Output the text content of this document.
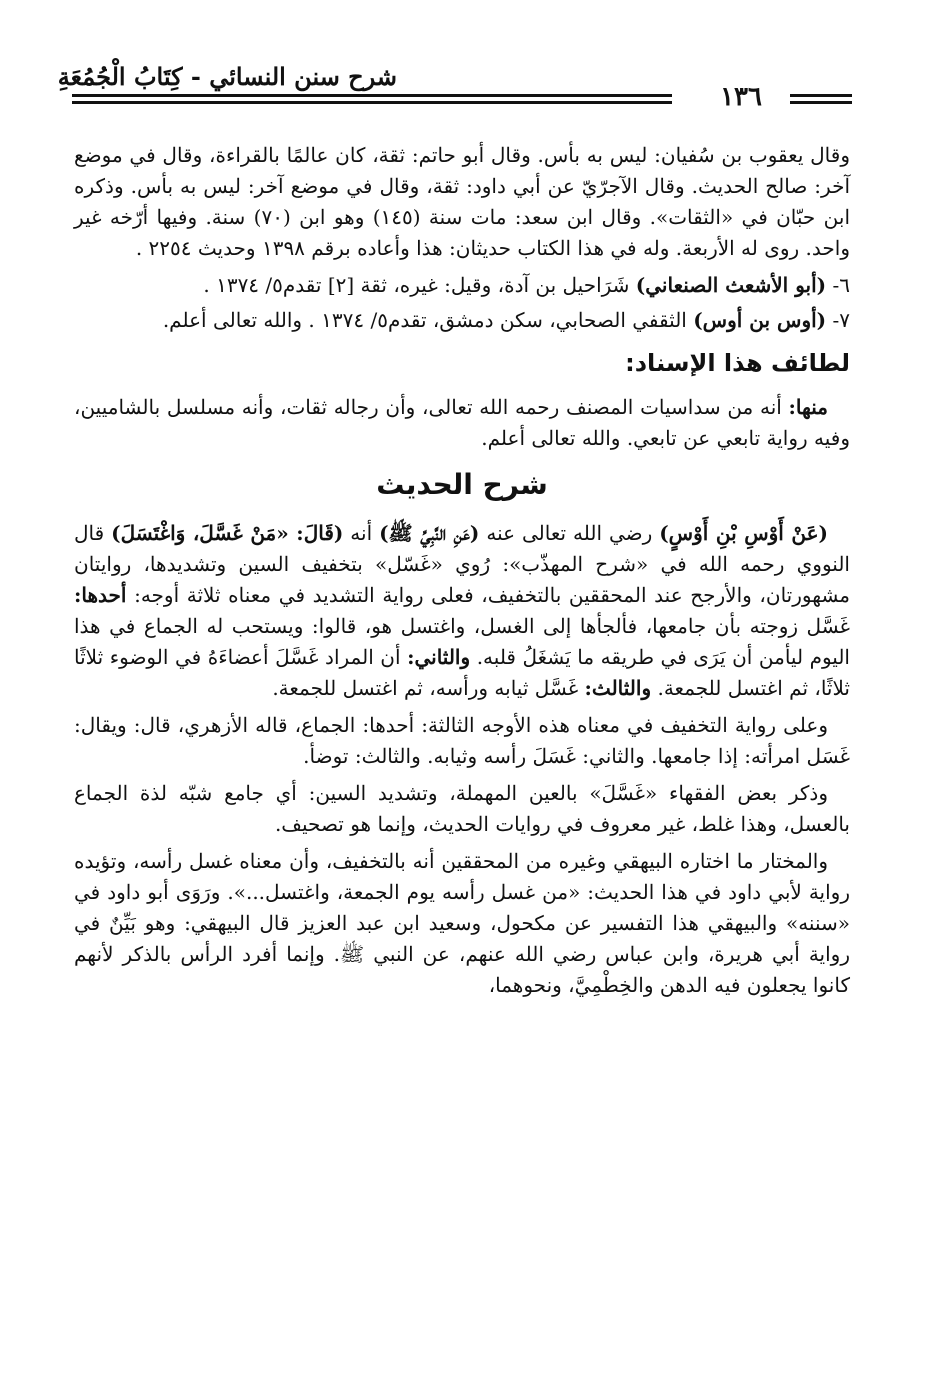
شرح سنن النسائي - كِتَابُ الْجُمُعَةِ
١٣٦

وقال يعقوب بن سُفيان: ليس به بأس. وقال أبو حاتم: ثقة، كان عالمًا بالقراءة، وقال في موضع آخر: صالح الحديث. وقال الآجرّيّ عن أبي داود: ثقة، وقال في موضع آخر: ليس به بأس. وذكره ابن حبّان في «الثقات». وقال ابن سعد: مات سنة (١٤٥) وهو ابن (٧٠) سنة. وفيها أرّخه غير واحد. روى له الأربعة. وله في هذا الكتاب حديثان: هذا وأعاده برقم ١٣٩٨ وحديث ٢٢٥٤ .

٦- (أبو الأشعث الصنعاني) شَرَاحيل بن آدة، وقيل: غيره، ثقة [٢] تقدم٥/ ١٣٧٤ .

٧- (أوس بن أوس) الثقفي الصحابي، سكن دمشق، تقدم٥/ ١٣٧٤ . والله تعالى أعلم.

لطائف هذا الإسناد:

منها: أنه من سداسيات المصنف رحمه الله تعالى، وأن رجاله ثقات، وأنه مسلسل بالشاميين، وفيه رواية تابعي عن تابعي. والله تعالى أعلم.

شرح الحديث

(عَنْ أَوْسِ بْنِ أَوْسٍ) رضي الله تعالى عنه (عَنِ النَّبِيِّ ﷺ) أنه (قَالَ: «مَنْ غَسَّلَ، وَاغْتَسَلَ) قال النووي رحمه الله في «شرح المهذّب»: رُوي «غَسّل» بتخفيف السين وتشديدها، روايتان مشهورتان، والأرجح عند المحققين بالتخفيف، فعلى رواية التشديد في معناه ثلاثة أوجه: أحدها: غَسَّل زوجته بأن جامعها، فألجأها إلى الغسل، واغتسل هو، قالوا: ويستحب له الجماع في هذا اليوم ليأمن أن يَرَى في طريقه ما يَشغَلُ قلبه. والثاني: أن المراد غَسَّلَ أعضاءَهُ في الوضوء ثلاثًا ثلاثًا، ثم اغتسل للجمعة. والثالث: غَسَّل ثيابه ورأسه، ثم اغتسل للجمعة.

وعلى رواية التخفيف في معناه هذه الأوجه الثالثة: أحدها: الجماع، قاله الأزهري، قال: ويقال: غَسَل امرأته: إذا جامعها. والثاني: غَسَلَ رأسه وثيابه. والثالث: توضأ.

وذكر بعض الفقهاء «غَسَّلَ» بالعين المهملة، وتشديد السين: أي جامع شبّه لذة الجماع بالعسل، وهذا غلط، غير معروف في روايات الحديث، وإنما هو تصحيف.

والمختار ما اختاره البيهقي وغيره من المحققين أنه بالتخفيف، وأن معناه غسل رأسه، وتؤيده رواية لأبي داود في هذا الحديث: «من غسل رأسه يوم الجمعة، واغتسل...». ورَوَى أبو داود في «سننه» والبيهقي هذا التفسير عن مكحول، وسعيد ابن عبد العزيز قال البيهقي: وهو بَيِّنٌ في رواية أبي هريرة، وابن عباس رضي الله عنهم، عن النبي ﷺ. وإنما أفرد الرأس بالذكر لأنهم كانوا يجعلون فيه الدهن والخِطْمِيَّ، ونحوهما،
